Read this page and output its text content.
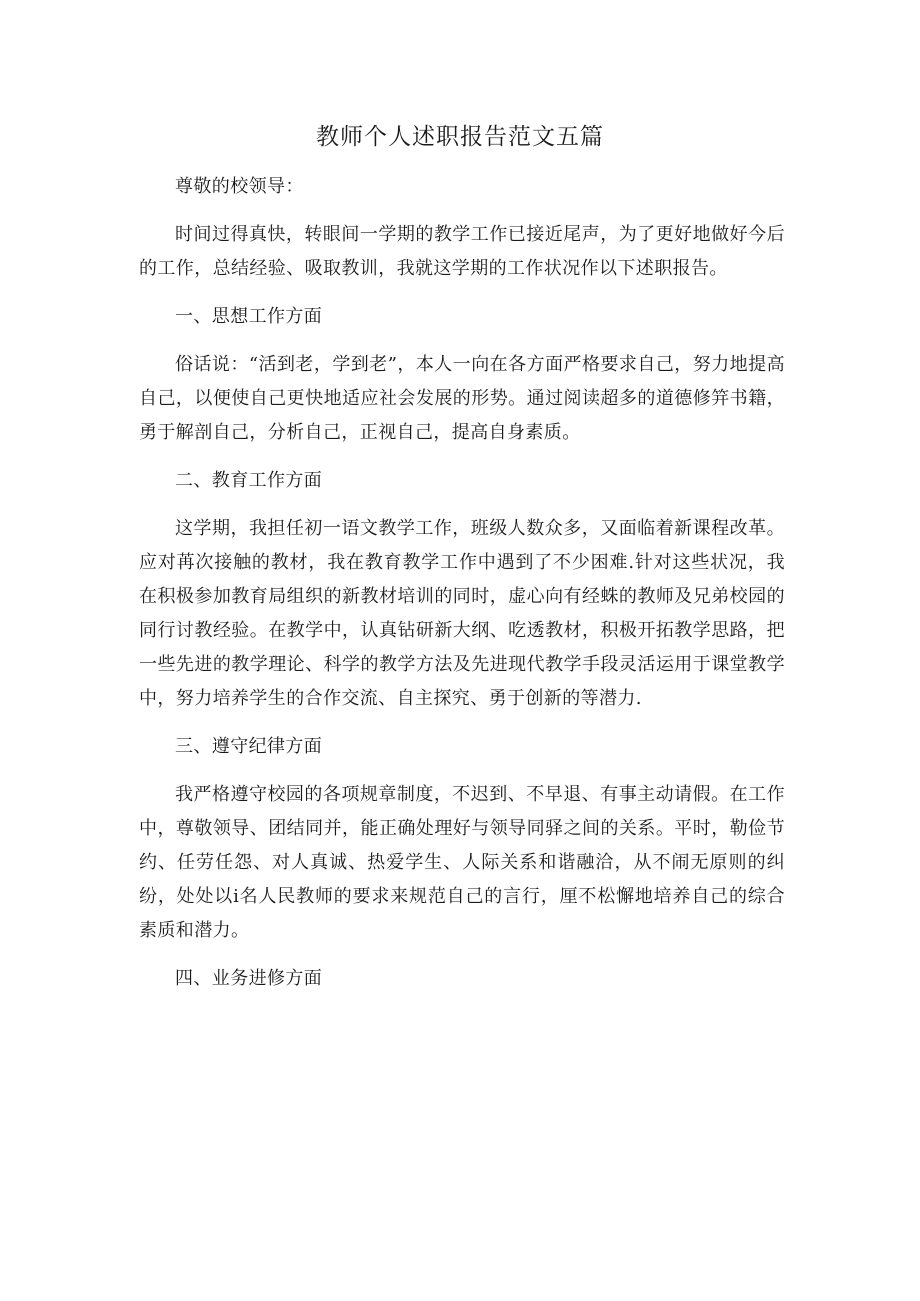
教师个人述职报告范文五篇

尊敬的校领导：

时间过得真快，转眼间一学期的教学工作已接近尾声，为了更好地做好今后的工作，总结经验、吸取教训，我就这学期的工作状况作以下述职报告。

一、思想工作方面

俗话说：“活到老，学到老”，本人一向在各方面严格要求自己，努力地提高自己，以便使自己更快地适应社会发展的形势。通过阅读超多的道德修笄书籍，勇于解剖自己，分析自己，正视自己，提高自身素质。

二、教育工作方面

这学期，我担任初一语文教学工作，班级人数众多，又面临着新课程改革。应对苒次接触的教材，我在教育教学工作中遇到了不少困难.针对这些状况，我在积极参加教育局组织的新教材培训的同时，虚心向有经蛛的教师及兄弟校园的同行讨教经验。在教学中，认真钻研新大纲、吃透教材，积极开拓教学思路，把一些先进的教学理论、科学的教学方法及先进现代教学手段灵活运用于课堂教学中，努力培养学生的合作交流、自主探究、勇于创新的等潜力.

三、遵守纪律方面

我严格遵守校园的各项规章制度，不迟到、不早退、有事主动请假。在工作中，尊敬领导、团结同并，能正确处理好与领导同驿之间的关系。平时，勒俭节约、任劳任怨、对人真诚、热爱学生、人际关系和谐融洽，从不闹无原则的纠纷，处处以i名人民教师的要求来规范自己的言行，厘不松懈地培养自己的综合素质和潜力。

四、业务进修方面
